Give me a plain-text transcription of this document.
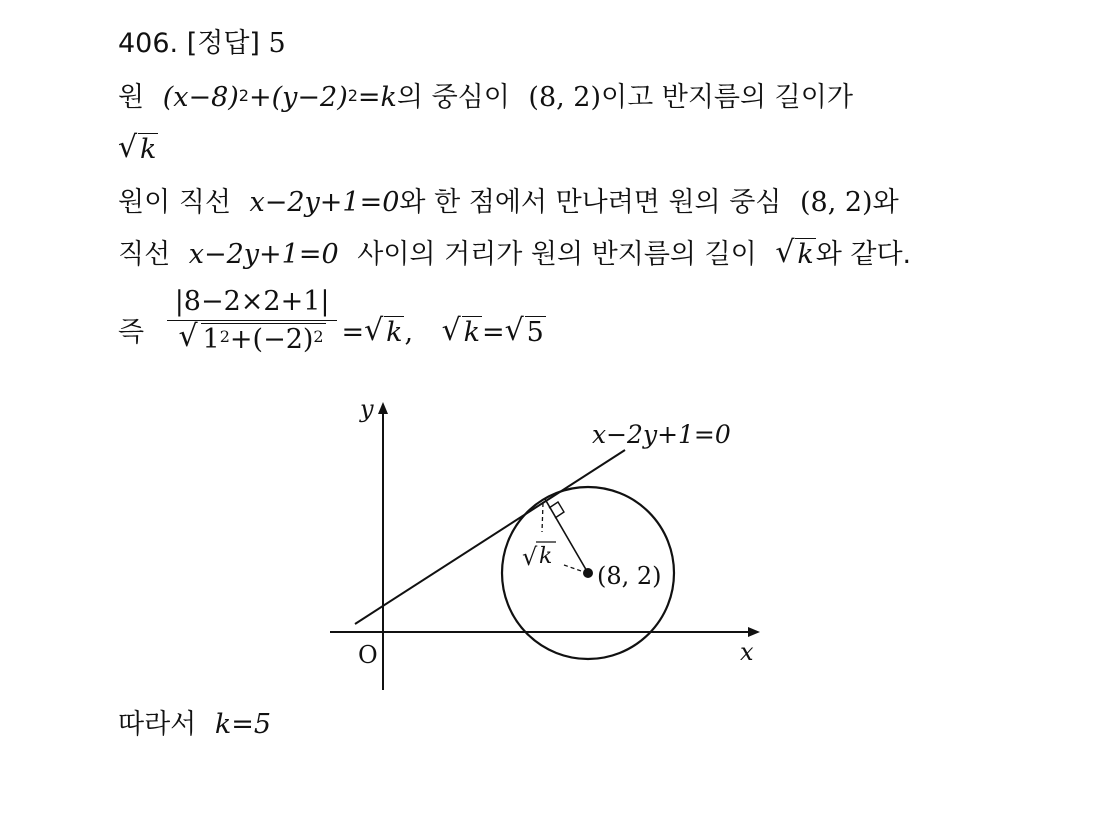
406. [정답] 5
원 $(x-8)^2+(y-2)^2=k$의 중심이 (8, 2)이고 반지름의 길이가
√ k
원이 직선 x−2y+1=0와 한 점에서 만나려면 원의 중심 (8, 2)와
직선 x−2y+1=0 사이의 거리가 원의 반지름의 길이 √ k와 같다.
즉 $\frac{|8-2\times 2+1|}{√ 1^2+(-2)^2}$ = √ k, √ k= √ 5
y
x
O
x−2y+1=0
√ k
(8, 2)
따라서 k=5
